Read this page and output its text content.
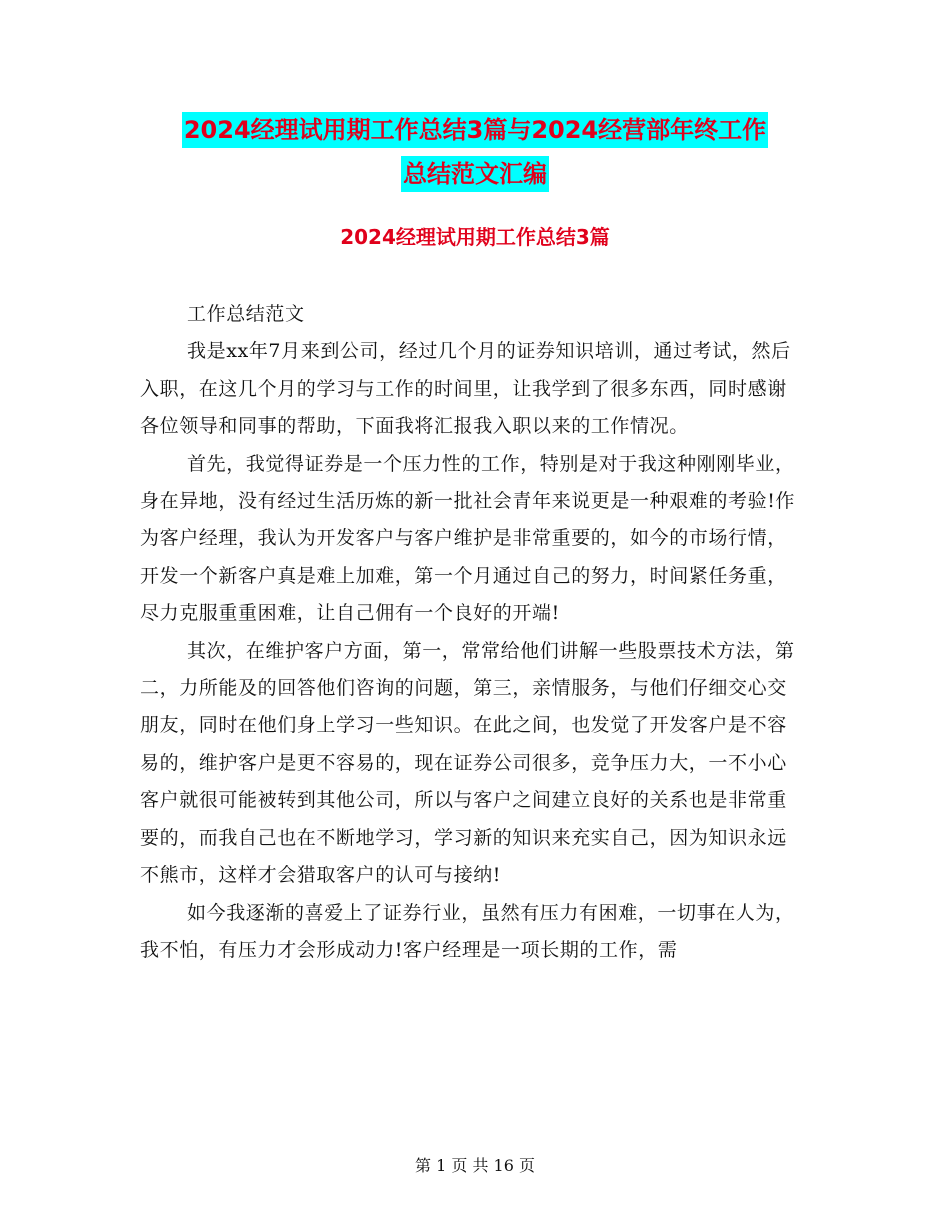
2024经理试用期工作总结3篇与2024经营部年终工作
总结范文汇编
2024经理试用期工作总结3篇

工作总结范文

我是xx年7月来到公司，经过几个月的证券知识培训，通过考试，然后入职，在这几个月的学习与工作的时间里，让我学到了很多东西，同时感谢各位领导和同事的帮助，下面我将汇报我入职以来的工作情况。

首先，我觉得证券是一个压力性的工作，特别是对于我这种刚刚毕业，身在异地，没有经过生活历炼的新一批社会青年来说更是一种艰难的考验!作为客户经理，我认为开发客户与客户维护是非常重要的，如今的市场行情，开发一个新客户真是难上加难，第一个月通过自己的努力，时间紧任务重，尽力克服重重困难，让自己佣有一个良好的开端!

其次，在维护客户方面，第一，常常给他们讲解一些股票技术方法，第二，力所能及的回答他们咨询的问题，第三，亲情服务，与他们仔细交心交朋友，同时在他们身上学习一些知识。在此之间，也发觉了开发客户是不容易的，维护客户是更不容易的，现在证券公司很多，竞争压力大，一不小心客户就很可能被转到其他公司，所以与客户之间建立良好的关系也是非常重要的，而我自己也在不断地学习，学习新的知识来充实自己，因为知识永远不熊市，这样才会猎取客户的认可与接纳!

如今我逐渐的喜爱上了证券行业，虽然有压力有困难，一切事在人为，我不怕，有压力才会形成动力!客户经理是一项长期的工作，需

第 1 页 共 16 页
